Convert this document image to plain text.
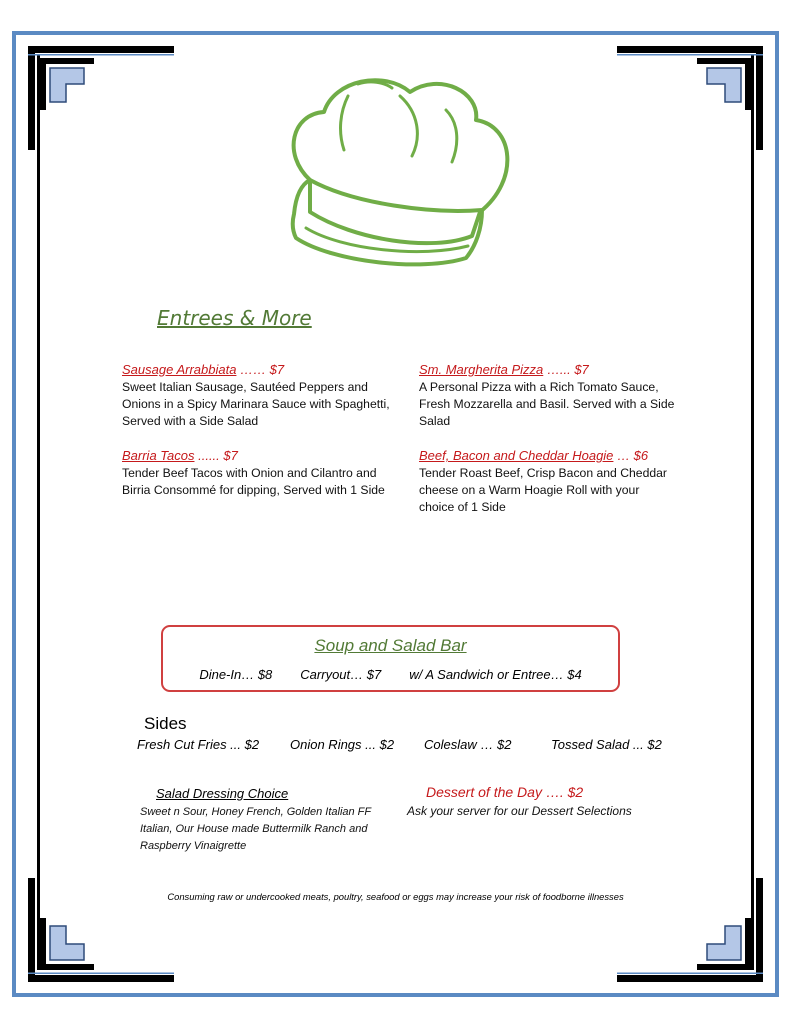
Entrees & More
Sausage Arrabbiata …… $7
Sweet Italian Sausage, Sautéed Peppers and Onions in a Spicy Marinara Sauce with Spaghetti, Served with a Side Salad
Sm. Margherita Pizza …... $7
A Personal Pizza with a Rich Tomato Sauce, Fresh Mozzarella and Basil. Served with a Side Salad
Barria Tacos ...... $7
Tender Beef Tacos with Onion and Cilantro and Birria Consommé for dipping, Served with 1 Side
Beef, Bacon and Cheddar Hoagie … $6
Tender Roast Beef, Crisp Bacon and Cheddar cheese on a Warm Hoagie Roll with your choice of 1 Side
Soup and Salad Bar
Dine-In… $8 Carryout… $7 w/ A Sandwich or Entree… $4
Sides
Fresh Cut Fries ... $2 Onion Rings ... $2 Coleslaw … $2	Tossed Salad ... $2
Salad Dressing Choice
Sweet n Sour, Honey French, Golden Italian FF Italian, Our House made Buttermilk Ranch and Raspberry Vinaigrette
Dessert of the Day …. $2
Ask your server for our Dessert Selections
Consuming raw or undercooked meats, poultry, seafood or eggs may increase your risk of foodborne illnesses
